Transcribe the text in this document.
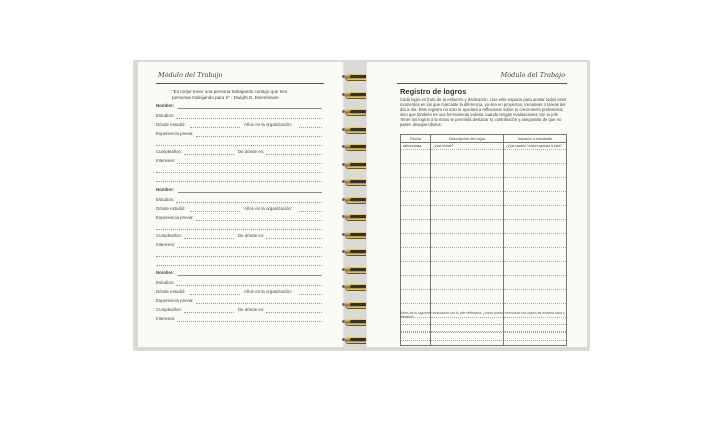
Módulo del Trabajo
"Es mejor tener una persona trabajando contigo que tres
personas trabajando para ti" - Dwight D. Eisenhower.
Nombre:
Estudios:
Dónde estudió:	Años en la organización:
Experiencia previa:
Cumpleaños:	De dónde es:
Intereses:
Nombre:
Estudios:
Dónde estudió:	Años en la organización:
Experiencia previa:
Cumpleaños:	De dónde es:
Intereses:
Nombre:
Estudios:
Dónde estudió:	Años en la organización:
Experiencia previa:
Cumpleaños:	De dónde es:
Intereses:
Módulo del Trabajo
Registro de logros
Cada logro es fruto de tu esfuerzo y dedicación. Usa este espacio para anotar todos esos momentos en los que marcaste la diferencia, ya sea en proyectos, iniciativas o tareas del día a día. Este registro no solo te ayudará a reflexionar sobre tu crecimiento profesional, sino que también es una herramienta valiosa cuando tengas evaluaciones con tu jefe. Tener tus logros a la mano te permitirá destacar tu contribución y asegurarte de que no pasen desapercibidos.
Fecha	Descripción del logro	Impacto o resultado
dd/mm/aaaa	¿Qué hiciste?	¿Qué cambió / mejoró gracias a esto?

Antes de tu siguiente evaluación con tu jefe reflexiona, ¿cómo puedo comunicar mis logros de manera clara y efectiva?
